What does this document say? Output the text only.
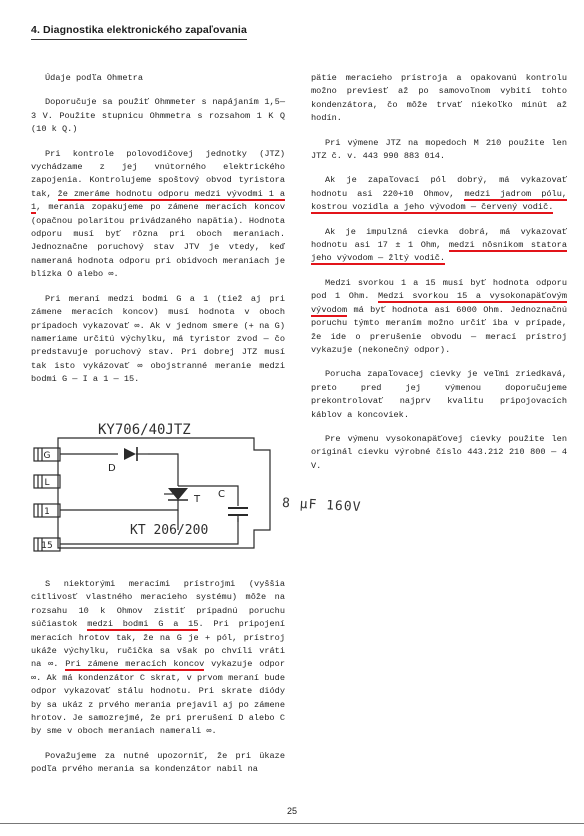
4. Diagnostika elektronického zapaľovania

Údaje podľa Ohmetra

Doporučuje sa použiť Ohmmeter s napájaním 1,5— 3 V. Použite stupnicu Ohmmetra s rozsahom 1 K Q (10 k Q.)

Pri kontrole polovodičovej jednotky (JTZ) vychádzame z jej vnútorného elektrického zapojenia. Kontrolujeme spoštový obvod tyristora tak, že zmeráme hodnotu odporu medzi vývodmi 1 a 1, merania zopakujeme po zámene meracích koncov (opačnou polaritou privádzaného napätia). Hodnota odporu musí byť rôzna pri oboch meraniach. Jednoznačne poruchový stav JTV je vtedy, keď nameraná hodnota odporu pri obidvoch meraniach je blízka O alebo ∞.

Pri meraní medzi bodmi G a 1 (tiež aj pri zámene meracích koncov) musí hodnota v oboch prípadoch vykazovať ∞. Ak v jednom smere (+ na G) nameriame určitú výchylku, má tyristor zvod — čo predstavuje poruchový stav. Pri dobrej JTZ musí tak isto vykázovať ∞ obojstranné meranie medzi bodmi G — I a 1 — 15.

G
L
1
15
D
T C
KY706/40JTZ
KT 206/200
8 μF 160V

S niektorými meracími prístrojmi (vyššia citlivosť vlastného meracieho systému) môže na rozsahu 10 k Ohmov zistiť prípadnú poruchu súčiastok medzi bodmi G a 15. Pri pripojení meracích hrotov tak, že na G je + pól, prístroj ukáže výchylku, ručička sa však po chvíli vráti na ∞. Pri zámene meracích koncov vykazuje odpor ∞. Ak má kondenzátor C skrat, v prvom meraní bude odpor vykazovať stálu hodnotu. Pri skrate diódy by sa ukáz z prvého merania prejavil aj po zámene hrotov. Je samozrejmé, že pri prerušení D alebo C by sme v oboch meraniach namerali ∞.

Považujeme za nutné upozorniť, že pri ükaze podľa prvého merania sa kondenzátor nabil na

pätie meracieho prístroja a opakovanú kontrolu možno previesť až po samovoľnom vybití tohto kondenzátora, čo môže trvať niekoľko minút až hodín.

Pri výmene JTZ na mopedoch M 210 použite len JTZ č. v. 443 990 883 014.

Ak je zapaľovací pól dobrý, má vykazovať hodnotu asi 220+10 Ohmov, medzi jadrom pólu, kostrou vozidla a jeho vývodom — červený vodič.

Ak je impulzná cievka dobrá, má vykazovať hodnotu asi 17 ± 1 Ohm, medzi nôsnikom statora jeho vývodom — žltý vodič.

Medzi svorkou 1 a 15 musí byť hodnota odporu pod 1 Ohm. Medzi svorkou 15 a vysokonapäťovým vývodom má byť hodnota asi 6000 Ohm. Jednoznačnú poruchu týmto meraním možno určiť iba v prípade, že ide o prerušenie obvodu — merací prístroj vykazuje (nekonečný odpor).

Porucha zapaľovacej cievky je veľmi zriedkavá, preto pred jej výmenou doporučujeme prekontrolovať najprv kvalitu pripojovacích káblov a koncoviek.

Pre výmenu vysokonapäťovej cievky použite len originál cievku výrobné číslo 443.212 210 800 — 4 V.

25
